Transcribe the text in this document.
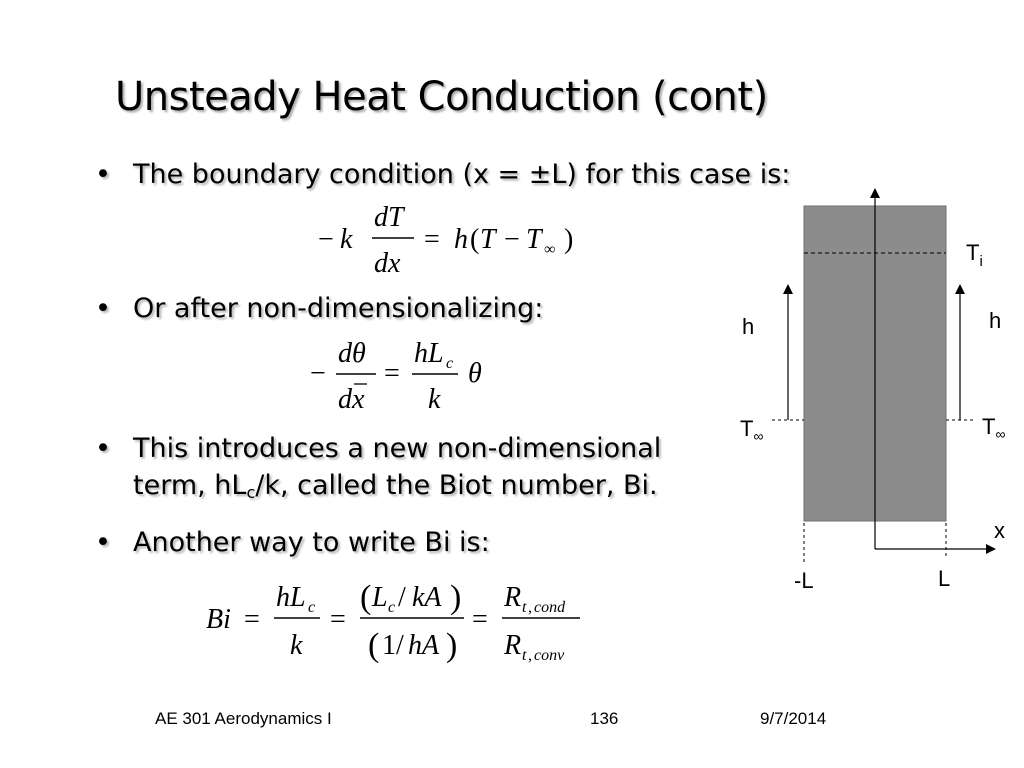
Unsteady Heat Conduction (cont)
• The boundary condition (x = ±L) for this case is:
− k
dT
dx
= h ( T − T ∞ )
• Or after non-dimensionalizing:
−
dθ
dx
=
hL c
k
θ
• This introduces a new non-dimensional
term, $hL_c/k$, called the Biot number, Bi.
• Another way to write Bi is:
Bi =
hL c
k
=
( L c / kA )
( 1 / hA )
=
R t , cond
R t , conv
$T_i$
h	h
$T_\infty$	$T_\infty$
x
-L	L
AE 301 Aerodynamics I	136	9/7/2014
